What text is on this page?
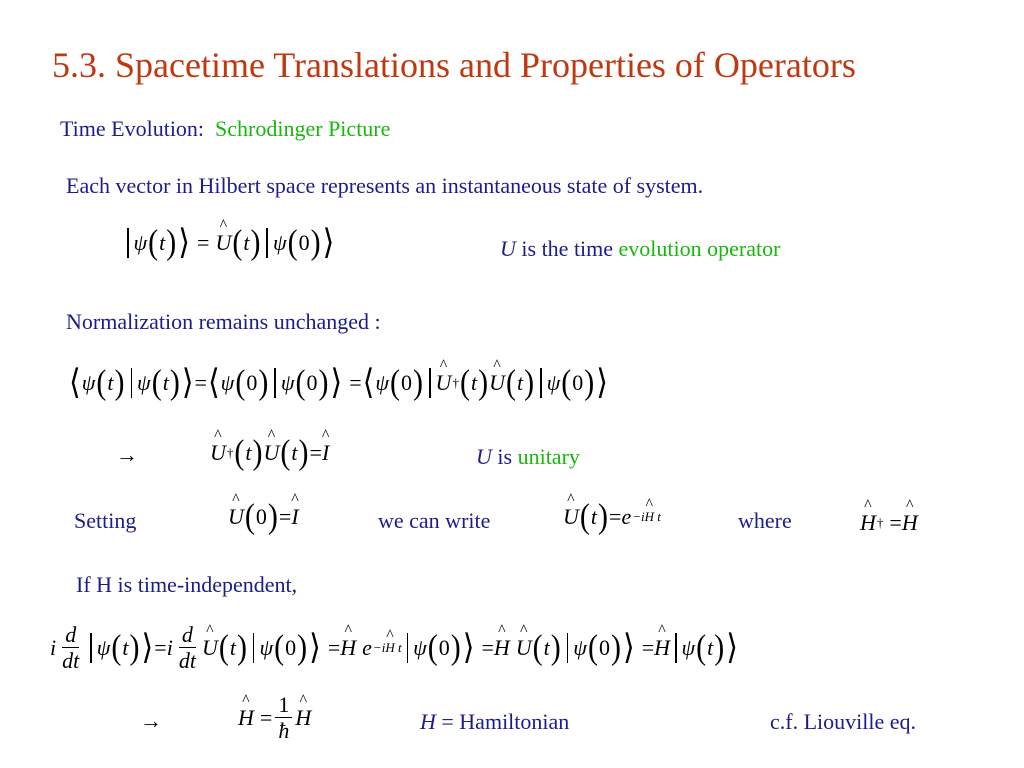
5.3. Spacetime Translations and Properties of Operators
Time Evolution: Schrodinger Picture
Each vector in Hilbert space represents an instantaneous state of system.
ψ ( t ) ⟩ = ^ U ( t ) ψ ( 0 ) ⟩	U is the time evolution operator
Normalization remains unchanged :
⟨ ψ ( t ) ψ ( t ) ⟩ = ⟨ ψ ( 0 ) ψ ( 0 ) ⟩ = ⟨ ψ ( 0 ) ^ U † ( t ) ^ U ( t ) ψ ( 0 ) ⟩
→	^ U † ( t ) ^ U ( t ) = ^ I	U is unitary
Setting	^ U ( 0 ) = ^ I	we can write	^ U ( t ) = e −i^ H t	where	^ H † = ^ H
If H is time-independent,
i $\frac{d}{dt}$ ψ ( t ) ⟩ = i $\frac{d}{dt}$ ^ U ( t ) ψ ( 0 ) ⟩ = ^ H e −i^ H t ψ ( 0 ) ⟩ = ^ H ^ U ( t ) ψ ( 0 ) ⟩ = ^ H ψ ( t ) ⟩
→	^ $H = \frac{1}{ħ}$ ^ H	H = Hamiltonian	c.f. Liouville eq.
